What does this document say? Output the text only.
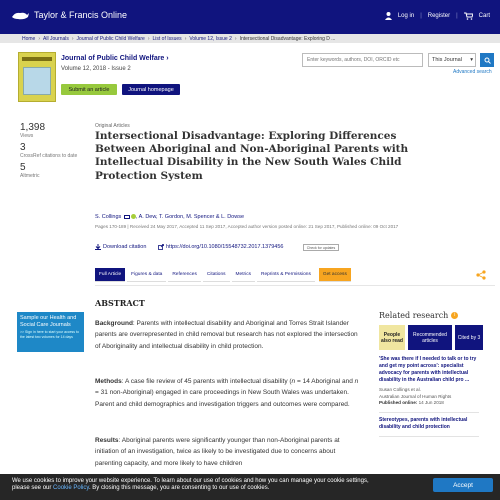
Taylor & Francis Online	Log in | Register |	Cart
Home › All Journals › Journal of Public Child Welfare › List of Issues › Volume 12, Issue 2 › Intersectional Disadvantage: Exploring D ...
Journal of Public Child Welfare ›
Volume 12, 2018 - Issue 2
Submit an article	Journal homepage
Enter keywords, authors, DOI, ORCID etc
This Journal ▾
Advanced search
1,398
Views
3
CrossRef citations to date
5
Altmetric
Original Articles
Intersectional Disadvantage: Exploring Differences Between Aboriginal and Non-Aboriginal Parents with Intellectual Disability in the New South Wales Child Protection System
S. Collings	, A. Dew, T. Gordon, M. Spencer & L. Dowse
Pages 170-189 | Received 24 May 2017, Accepted 11 Sep 2017, Accepted author version posted online: 21 Sep 2017, Published online: 09 Oct 2017
Download citation	https://doi.org/10.1080/15548732.2017.1379456	Check for updates
Full Article Figures & data References Citations Metrics Reprints & Permissions	Get access
ABSTRACT
Background: Parents with intellectual disability and Aboriginal and Torres Strait Islander parents are overrepresented in child removal but research has not explored the intersection of Aboriginality and intellectual disability in child protection.
Methods: A case file review of 45 parents with intellectual disability (n = 14 Aboriginal and n = 31 non-Aboriginal) engaged in care proceedings in New South Wales was undertaken. Parent and child demographics and investigation triggers and outcomes were compared.
Results: Aboriginal parents were significantly younger than non-Aboriginal parents at initiation of an investigation, twice as likely to be investigated due to concerns about parenting capacity, and more likely to have children
Sample our Health and Social Care Journals
>> Sign in here to start your access to the latest two volumes for 14 days
Related research	i
People also read
Recommended articles	Cited by 3
'She was there if I needed to talk or to try and get my point across': specialist advocacy for parents with intellectual disability in the Australian child pro ...
Susan Collings et al.
Australian Journal of Human Rights
Published online: 14 Jun 2018
Stereotypes, parents with intellectual disability and child protection
We use cookies to improve your website experience. To learn about our use of cookies and how you can manage your cookie settings,
please see our Cookie Policy. By closing this message, you are consenting to our use of cookies.	Accept
